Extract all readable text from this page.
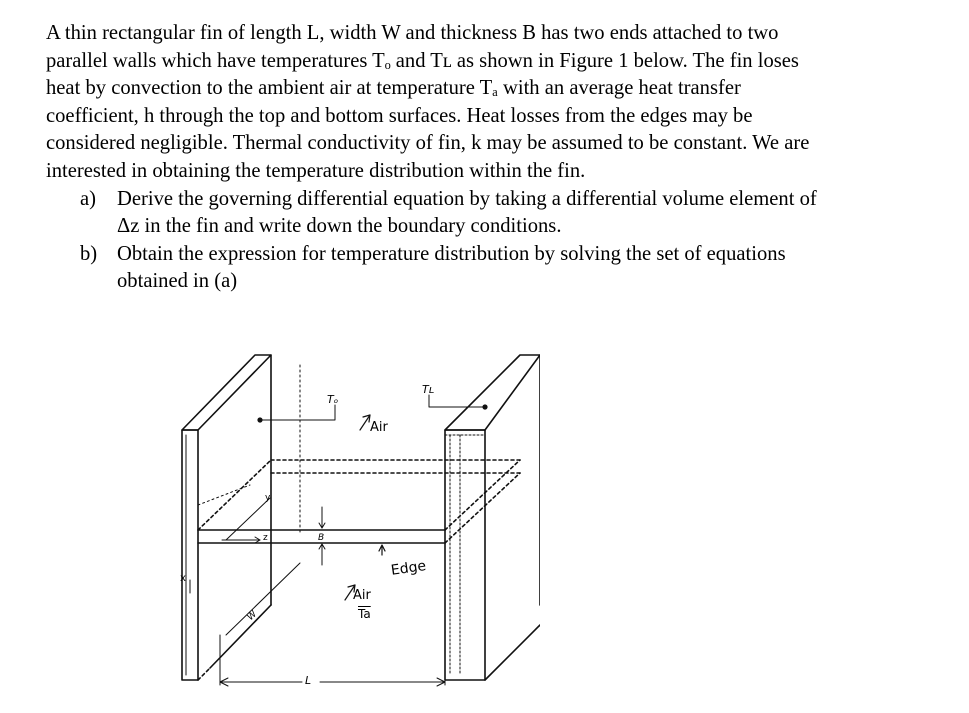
A thin rectangular fin of length L, width W and thickness B has two ends attached to two
parallel walls which have temperatures Tₒ and Tʟ as shown in Figure 1 below. The fin loses
heat by convection to the ambient air at temperature Tₐ with an average heat transfer
coefficient, h through the top and bottom surfaces. Heat losses from the edges may be
considered negligible. Thermal conductivity of fin, k may be assumed to be constant. We are
interested in obtaining the temperature distribution within the fin.

a) Derive the governing differential equation by taking a differential volume element of
Δz in the fin and write down the boundary conditions.
b) Obtain the expression for temperature distribution by solving the set of equations
obtained in (a)
Tₒ
Tʟ
Air
Air
$\overline{Ta}$
Edge
B
W
L
x
y
z
